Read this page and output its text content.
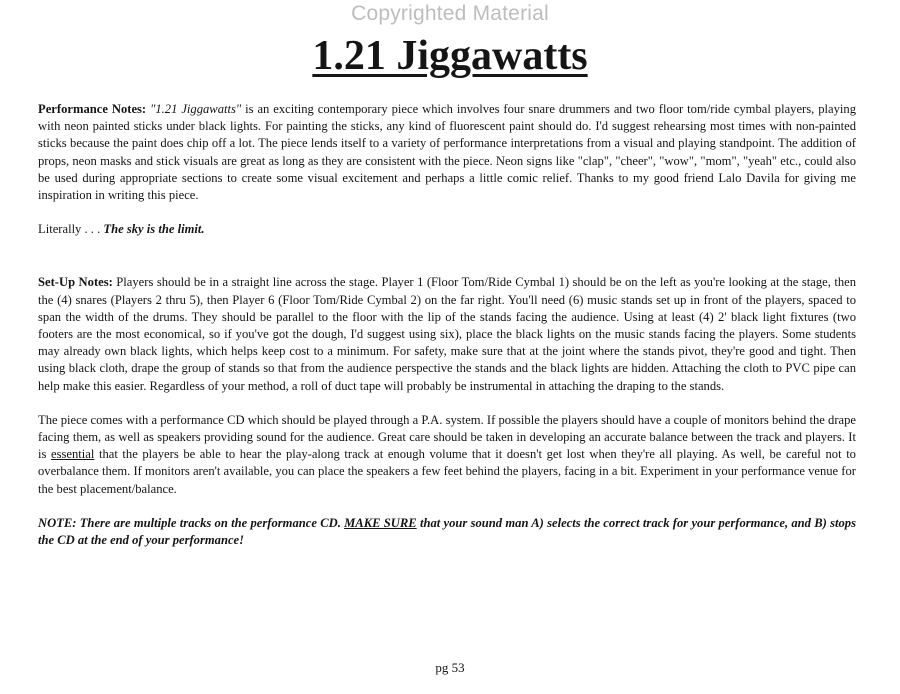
Copyrighted Material
1.21 Jiggawatts

Performance Notes: "1.21 Jiggawatts" is an exciting contemporary piece which involves four snare drummers and two floor tom/ride cymbal players, playing with neon painted sticks under black lights. For painting the sticks, any kind of fluorescent paint should do. I'd suggest rehearsing most times with non-painted sticks because the paint does chip off a lot. The piece lends itself to a variety of performance interpretations from a visual and playing standpoint. The addition of props, neon masks and stick visuals are great as long as they are consistent with the piece. Neon signs like "clap", "cheer", "wow", "mom", "yeah" etc., could also be used during appropriate sections to create some visual excitement and perhaps a little comic relief. Thanks to my good friend Lalo Davila for giving me inspiration in writing this piece.

Literally . . . The sky is the limit.

Set-Up Notes: Players should be in a straight line across the stage. Player 1 (Floor Tom/Ride Cymbal 1) should be on the left as you're looking at the stage, then the (4) snares (Players 2 thru 5), then Player 6 (Floor Tom/Ride Cymbal 2) on the far right. You'll need (6) music stands set up in front of the players, spaced to span the width of the drums. They should be parallel to the floor with the lip of the stands facing the audience. Using at least (4) 2' black light fixtures (two footers are the most economical, so if you've got the dough, I'd suggest using six), place the black lights on the music stands facing the players. Some students may already own black lights, which helps keep cost to a minimum. For safety, make sure that at the joint where the stands pivot, they're good and tight. Then using black cloth, drape the group of stands so that from the audience perspective the stands and the black lights are hidden. Attaching the cloth to PVC pipe can help make this easier. Regardless of your method, a roll of duct tape will probably be instrumental in attaching the draping to the stands.

The piece comes with a performance CD which should be played through a P.A. system. If possible the players should have a couple of monitors behind the drape facing them, as well as speakers providing sound for the audience. Great care should be taken in developing an accurate balance between the track and players. It is essential that the players be able to hear the play-along track at enough volume that it doesn't get lost when they're all playing. As well, be careful not to overbalance them. If monitors aren't available, you can place the speakers a few feet behind the players, facing in a bit. Experiment in your performance venue for the best placement/balance.

NOTE: There are multiple tracks on the performance CD. MAKE SURE that your sound man A) selects the correct track for your performance, and B) stops the CD at the end of your performance!

pg 53
